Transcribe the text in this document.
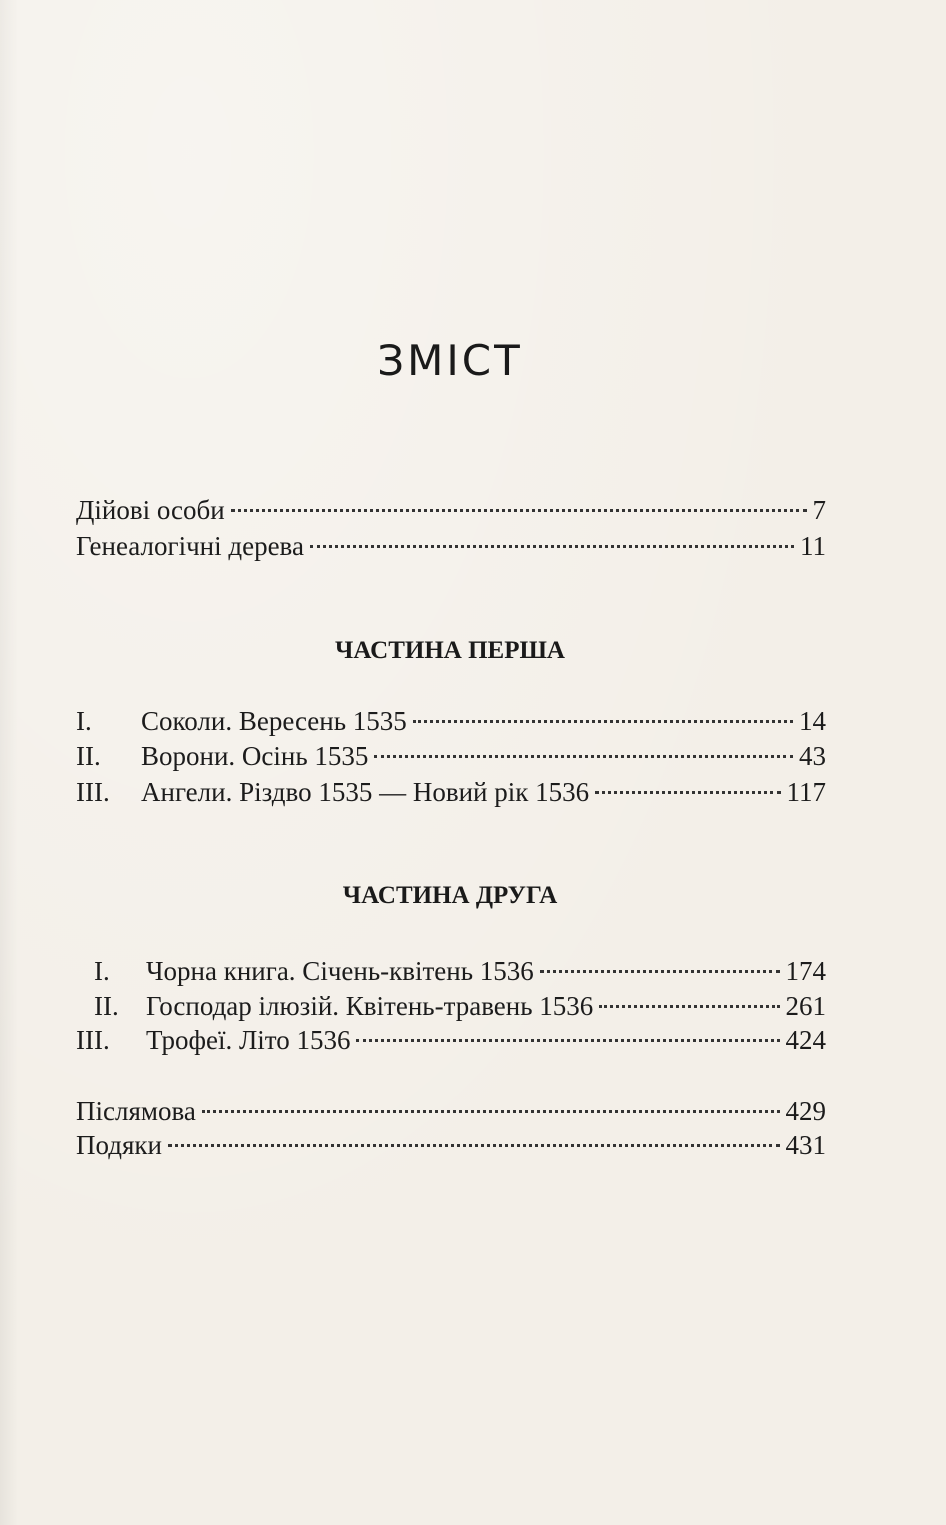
ЗМІСТ
Дійові особи	7
Генеалогічні дерева	11
ЧАСТИНА ПЕРША
I.	Соколи. Вересень 1535	14
II.	Ворони. Осінь 1535	43
III.	Ангели. Різдво 1535 — Новий рік 1536	117
ЧАСТИНА ДРУГА
I.	Чорна книга. Січень-квітень 1536	174
II.	Господар ілюзій. Квітень-травень 1536	261
III.	Трофеї. Літо 1536	424
Післямова	429
Подяки	431
